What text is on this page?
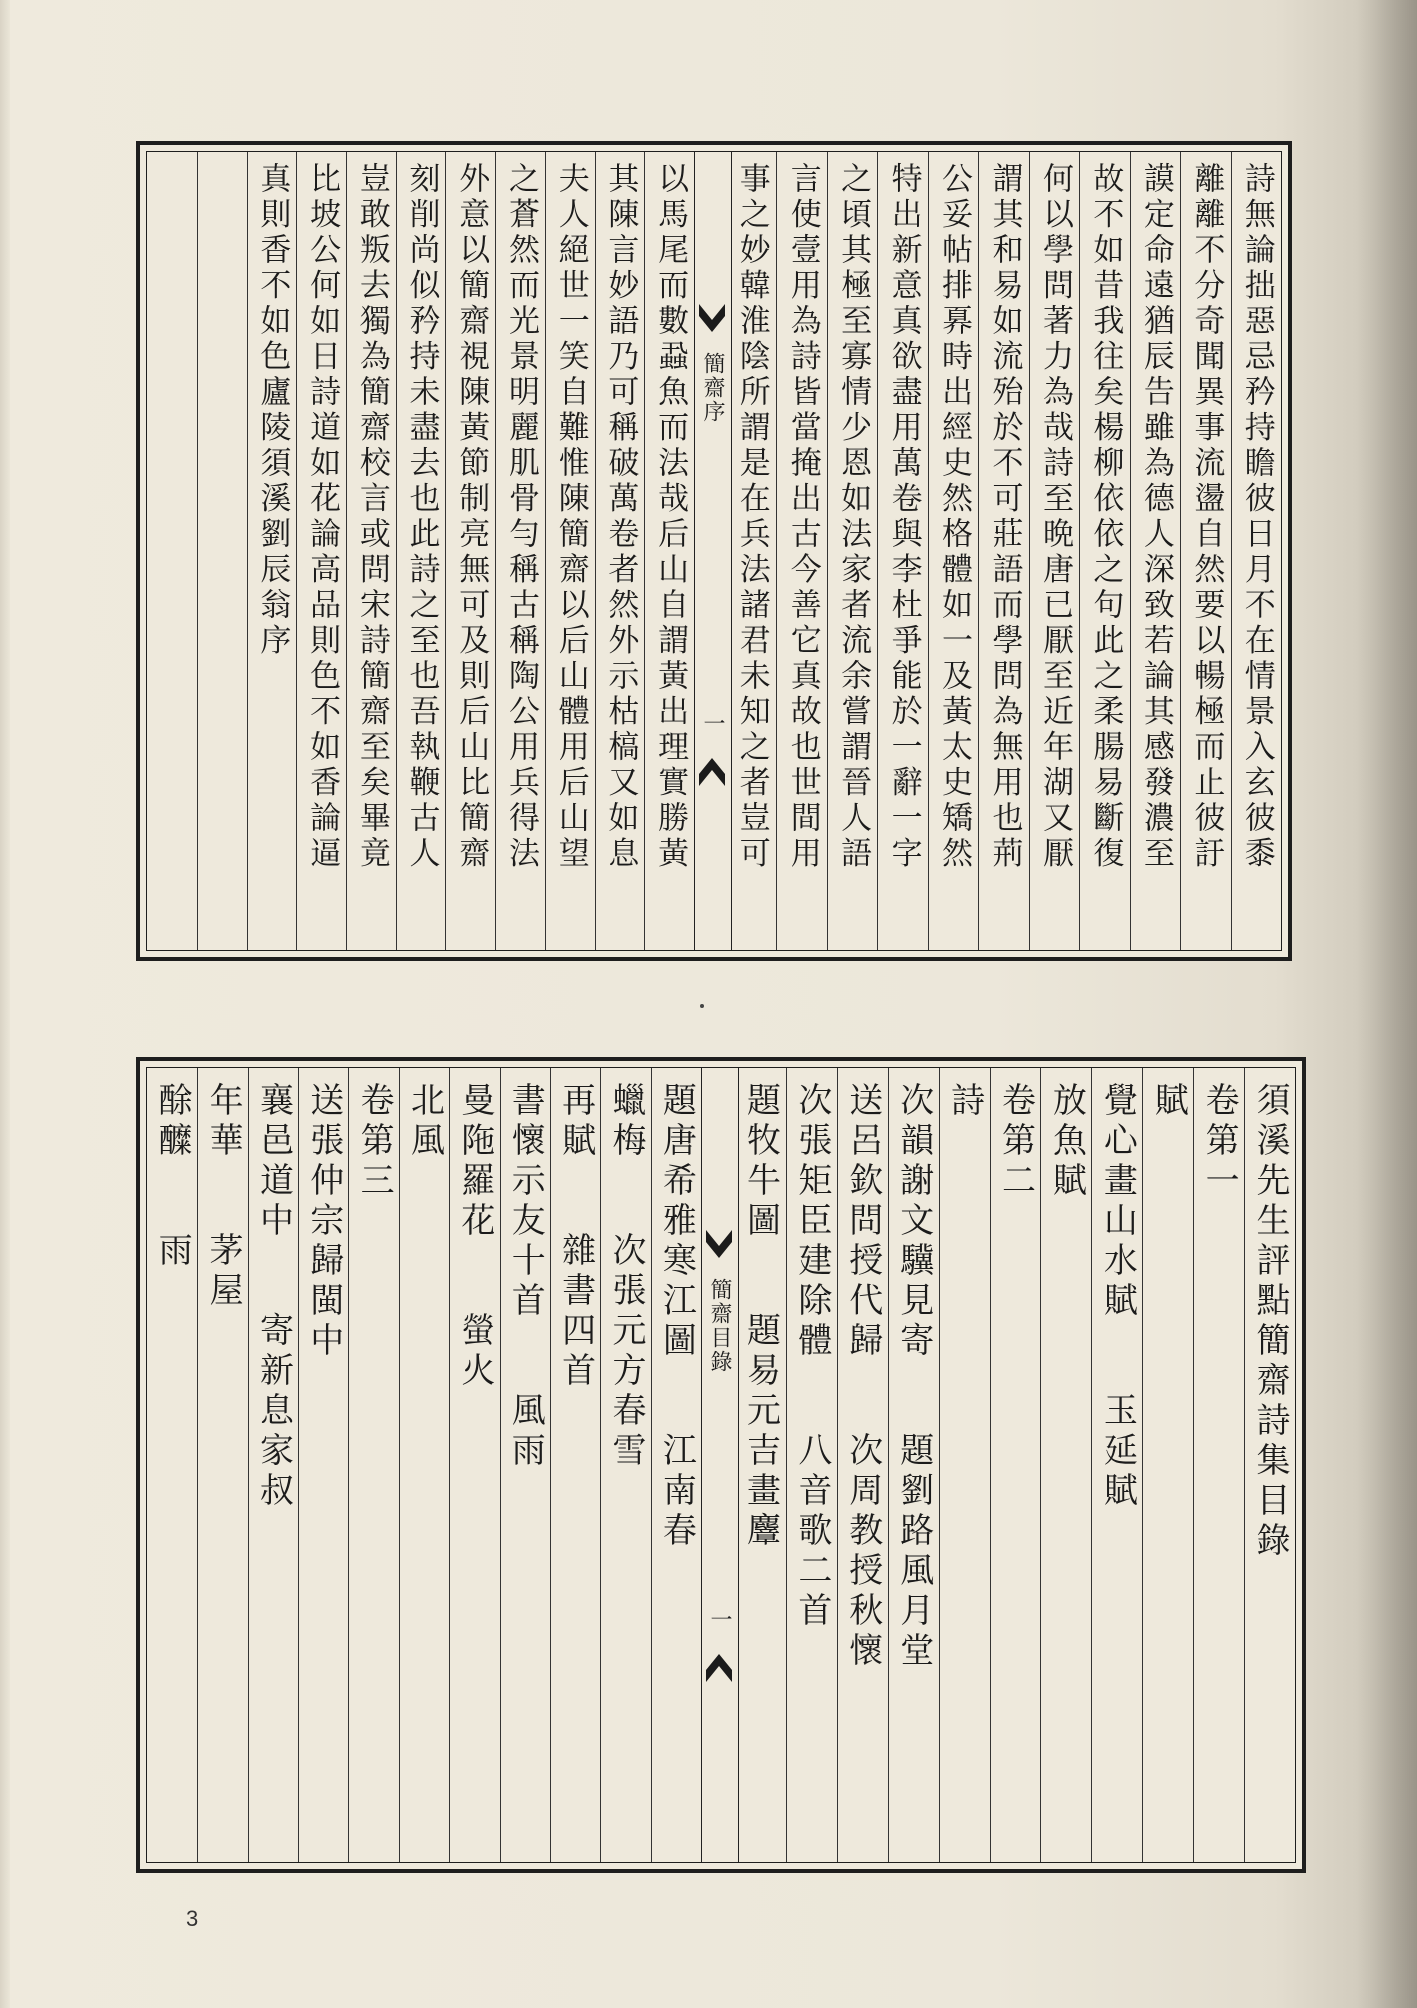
詩無論拙惡忌矜持瞻彼日月不在情景入玄彼黍
離離不分奇聞異事流盪自然要以暢極而止彼訏
謨定命遠猶辰告雖為德人深致若論其感發濃至
故不如昔我往矣楊柳依依之句此之柔腸易斷復
何以學問著力為哉詩至晩唐已厭至近年湖又厭
謂其和易如流殆於不可莊語而學問為無用也荊
公妥帖排奡時出經史然格體如一及黃太史矯然
特出新意真欲盡用萬卷與李杜爭能於一辭一字
之頃其極至寡情少恩如法家者流余嘗謂晉人語
言使壹用為詩皆當掩出古今善它真故也世間用
事之妙韓淮陰所謂是在兵法諸君未知之者豈可
簡齋序
一
以馬尾而數蝨魚而法哉后山自謂黃出理實勝黃
其陳言妙語乃可稱破萬卷者然外示枯槁又如息
夫人絕世一笑自難惟陳簡齋以后山體用后山望
之蒼然而光景明麗肌骨勻稱古稱陶公用兵得法
外意以簡齋視陳黃節制亮無可及則后山比簡齋
刻削尚似矜持未盡去也此詩之至也吾執鞭古人
豈敢叛去獨為簡齋校言或問宋詩簡齋至矣畢竟
比坡公何如日詩道如花論高品則色不如香論逼
真則香不如色廬陵須溪劉辰翁序
須溪先生評點簡齋詩集目錄
卷第一
賦
覺心畫山水賦玉延賦
放魚賦
卷第二
詩
次韻謝文驥見寄題劉路風月堂
送呂欽問授代歸次周教授秋懷
次張矩臣建除體八音歌二首
題牧牛圖題易元吉畫麞
簡齋目錄
一
題唐希雅寒江圖江南春
蠟梅次張元方春雪
再賦雜書四首
書懷示友十首風雨
曼陁羅花螢火
北風
卷第三
送張仲宗歸閩中
襄邑道中寄新息家叔
年華茅屋
酴醾雨
3
